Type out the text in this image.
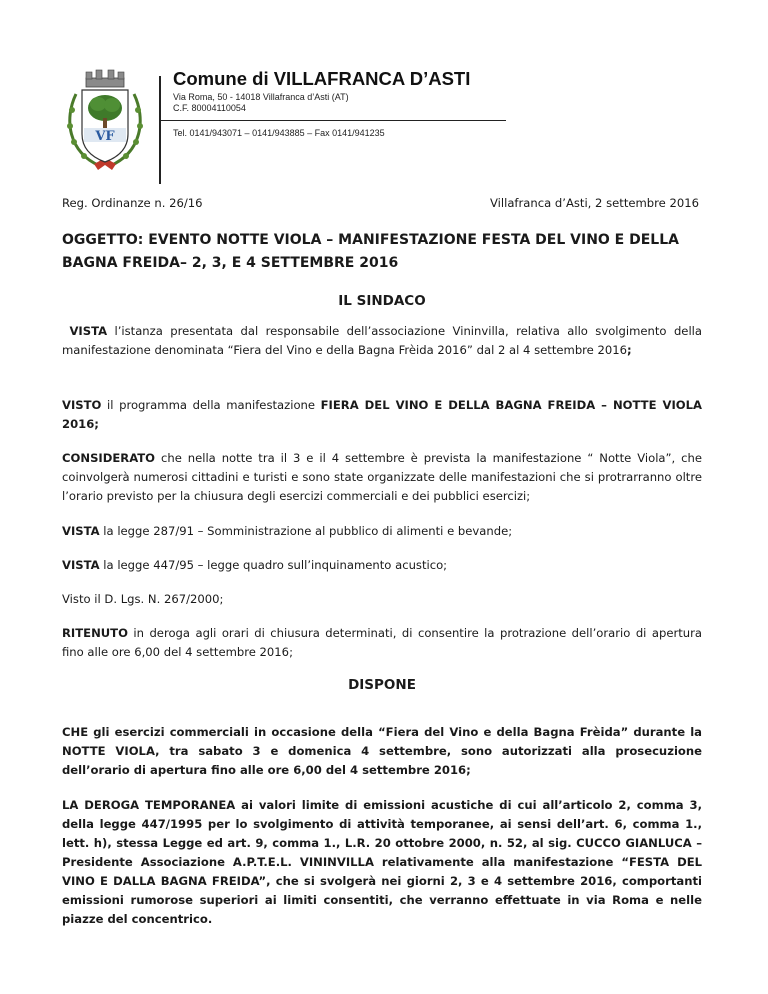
VF
Comune di VILLAFRANCA D’ASTI
Via Roma, 50 - 14018 Villafranca d’Asti (AT)
C.F. 80004110054
Tel. 0141/943071 – 0141/943885 – Fax 0141/941235
Reg. Ordinanze n. 26/16	Villafranca d’Asti, 2 settembre 2016
OGGETTO: EVENTO NOTTE VIOLA – MANIFESTAZIONE FESTA DEL VINO E DELLA BAGNA FREIDA– 2, 3, E 4 SETTEMBRE 2016
IL SINDACO
VISTA l’istanza presentata dal responsabile dell’associazione Vininvilla, relativa allo svolgimento della manifestazione denominata “Fiera del Vino e della Bagna Frèida 2016” dal 2 al 4 settembre 2016;
VISTO il programma della manifestazione FIERA DEL VINO E DELLA BAGNA FREIDA – NOTTE VIOLA 2016;
CONSIDERATO che nella notte tra il 3 e il 4 settembre è prevista la manifestazione “ Notte Viola”, che coinvolgerà numerosi cittadini e turisti e sono state organizzate delle manifestazioni che si protrarranno oltre l’orario previsto per la chiusura degli esercizi commerciali e dei pubblici esercizi;
VISTA la legge 287/91 – Somministrazione al pubblico di alimenti e bevande;
VISTA la legge 447/95 – legge quadro sull’inquinamento acustico;
Visto il D. Lgs. N. 267/2000;
RITENUTO in deroga agli orari di chiusura determinati, di consentire la protrazione dell’orario di apertura fino alle ore 6,00 del 4 settembre 2016;
DISPONE
CHE gli esercizi commerciali in occasione della “Fiera del Vino e della Bagna Frèida” durante la NOTTE VIOLA, tra sabato 3 e domenica 4 settembre, sono autorizzati alla prosecuzione dell’orario di apertura fino alle ore 6,00 del 4 settembre 2016;
LA DEROGA TEMPORANEA ai valori limite di emissioni acustiche di cui all’articolo 2, comma 3, della legge 447/1995 per lo svolgimento di attività temporanee, ai sensi dell’art. 6, comma 1., lett. h), stessa Legge ed art. 9, comma 1., L.R. 20 ottobre 2000, n. 52, al sig. CUCCO GIANLUCA – Presidente Associazione A.P.T.E.L. VININVILLA relativamente alla manifestazione “FESTA DEL VINO E DALLA BAGNA FREIDA”, che si svolgerà nei giorni 2, 3 e 4 settembre 2016, comportanti emissioni rumorose superiori ai limiti consentiti, che verranno effettuate in via Roma e nelle piazze del concentrico.
